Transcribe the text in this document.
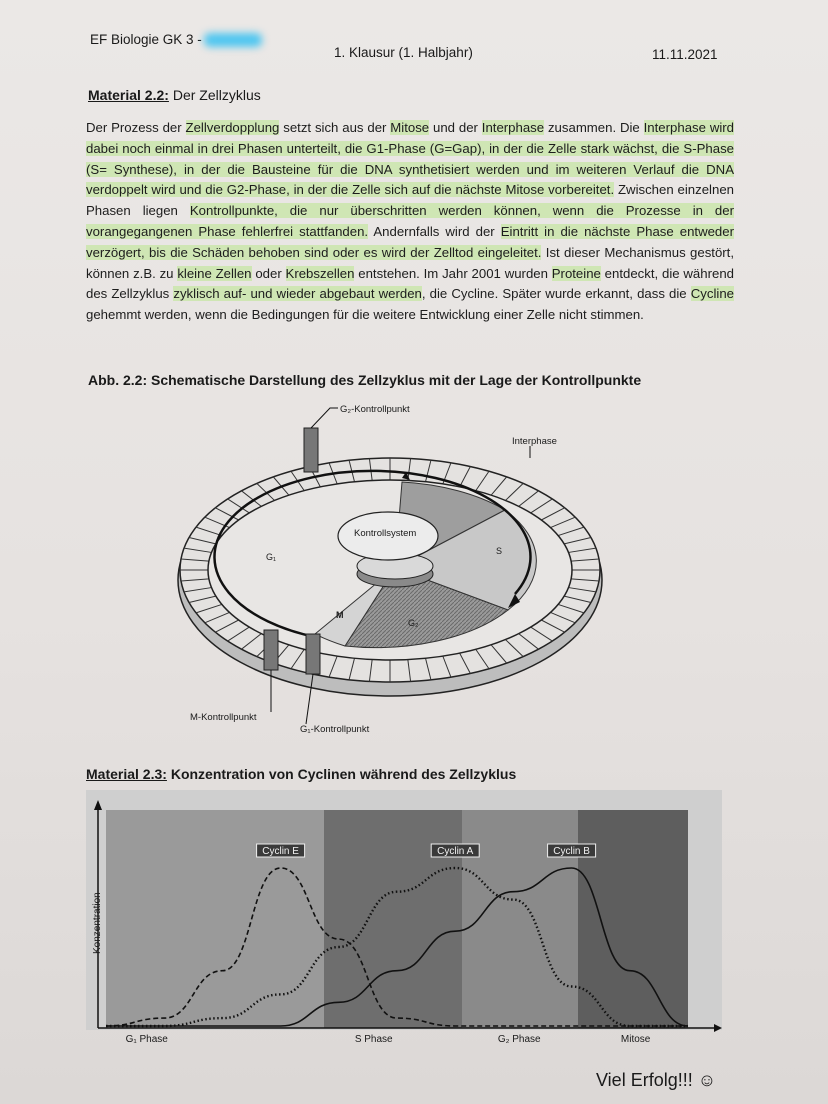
EF Biologie GK 3 -
1. Klausur (1. Halbjahr)	11.11.2021
Material 2.2: Der Zellzyklus
Der Prozess der Zellverdopplung setzt sich aus der Mitose und der Interphase zusammen. Die Interphase wird dabei noch einmal in drei Phasen unterteilt, die G1-Phase (G=Gap), in der die Zelle stark wächst, die S-Phase (S= Synthese), in der die Bausteine für die DNA synthetisiert werden und im weiteren Verlauf die DNA verdoppelt wird und die G2-Phase, in der die Zelle sich auf die nächste Mitose vorbereitet. Zwischen einzelnen Phasen liegen Kontrollpunkte, die nur überschritten werden können, wenn die Prozesse in der vorangegangenen Phase fehlerfrei stattfanden. Andernfalls wird der Eintritt in die nächste Phase entweder verzögert, bis die Schäden behoben sind oder es wird der Zelltod eingeleitet. Ist dieser Mechanismus gestört, können z.B. zu kleine Zellen oder Krebszellen entstehen. Im Jahr 2001 wurden Proteine entdeckt, die während des Zellzyklus zyklisch auf- und wieder abgebaut werden, die Cycline. Später wurde erkannt, dass die Cycline gehemmt werden, wenn die Bedingungen für die weitere Entwicklung einer Zelle nicht stimmen.
Abb. 2.2: Schematische Darstellung des Zellzyklus mit der Lage der Kontrollpunkte
G₂-Kontrollpunkt
Interphase
Kontrollsystem
G₁
S
M
G₂
M-Kontrollpunkt
G₁-Kontrollpunkt
Material 2.3: Konzentration von Cyclinen während des Zellzyklus
Cyclin E	Cyclin A	Cyclin B
Konzentration
G₁ Phase	S Phase	G₂ Phase	Mitose
Viel Erfolg!!! ☺
